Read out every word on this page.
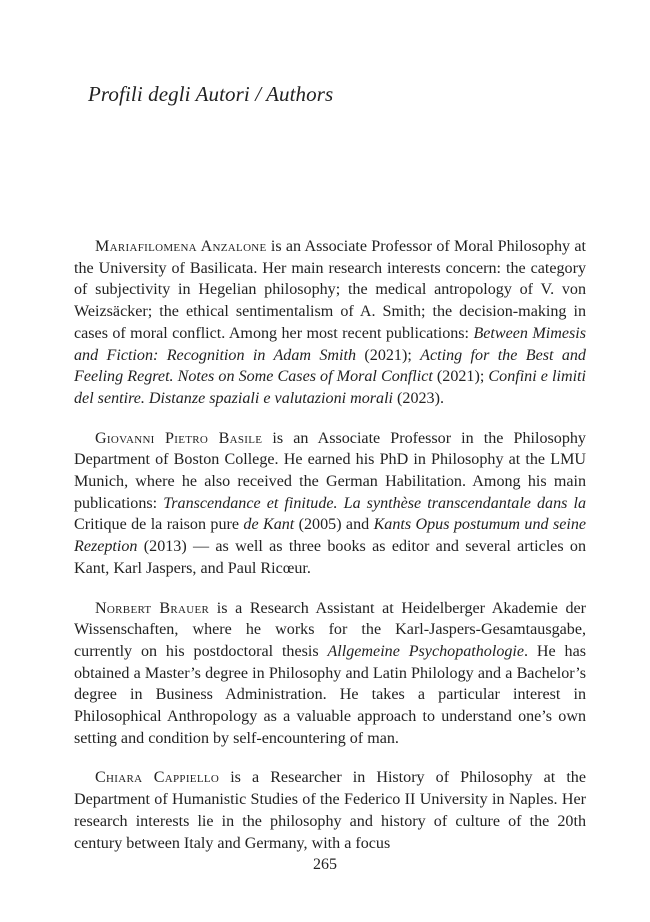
Profili degli Autori / Authors

Mariafilomena Anzalone is an Associate Professor of Moral Philosophy at the University of Basilicata. Her main research interests concern: the category of subjectivity in Hegelian philosophy; the medical antropology of V. von Weizsäcker; the ethical sentimentalism of A. Smith; the decision-making in cases of moral conflict. Among her most recent publications: Between Mimesis and Fiction: Recognition in Adam Smith (2021); Acting for the Best and Feeling Regret. Notes on Some Cases of Moral Conflict (2021); Confini e limiti del sentire. Distanze spaziali e valutazioni morali (2023).

Giovanni Pietro Basile is an Associate Professor in the Philosophy Department of Boston College. He earned his PhD in Philosophy at the LMU Munich, where he also received the German Habilitation. Among his main publications: Transcendance et finitude. La synthèse transcendantale dans la Critique de la raison pure de Kant (2005) and Kants Opus postumum und seine Rezeption (2013) — as well as three books as editor and several articles on Kant, Karl Jaspers, and Paul Ricœur.

Norbert Brauer is a Research Assistant at Heidelberger Akademie der Wissenschaften, where he works for the Karl-Jaspers-Gesamtausgabe, currently on his postdoctoral thesis Allgemeine Psychopathologie. He has obtained a Master’s degree in Philosophy and Latin Philology and a Bachelor’s degree in Business Administration. He takes a particular interest in Philosophical Anthropology as a valuable approach to understand one’s own setting and condition by self-encountering of man.

Chiara Cappiello is a Researcher in History of Philosophy at the Department of Humanistic Studies of the Federico II University in Naples. Her research interests lie in the philosophy and history of culture of the 20th century between Italy and Germany, with a focus

265
